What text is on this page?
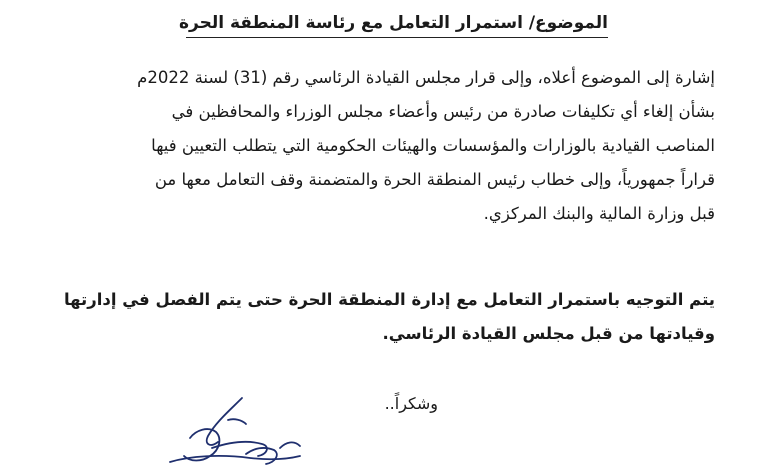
الموضوع/ استمرار التعامل مع رئاسة المنطقة الحرة
إشارة إلى الموضوع أعلاه، وإلى قرار مجلس القيادة الرئاسي رقم (31) لسنة 2022م
بشأن إلغاء أي تكليفات صادرة من رئيس وأعضاء مجلس الوزراء والمحافظين في
المناصب القيادية بالوزارات والمؤسسات والهيئات الحكومية التي يتطلب التعيين فيها
قراراً جمهورياً، وإلى خطاب رئيس المنطقة الحرة والمتضمنة وقف التعامل معها من
قبل وزارة المالية والبنك المركزي.
يتم التوجيه باستمرار التعامل مع إدارة المنطقة الحرة حتى يتم الفصل في إدارتها
وقيادتها من قبل مجلس القيادة الرئاسي.
وشكراً..
